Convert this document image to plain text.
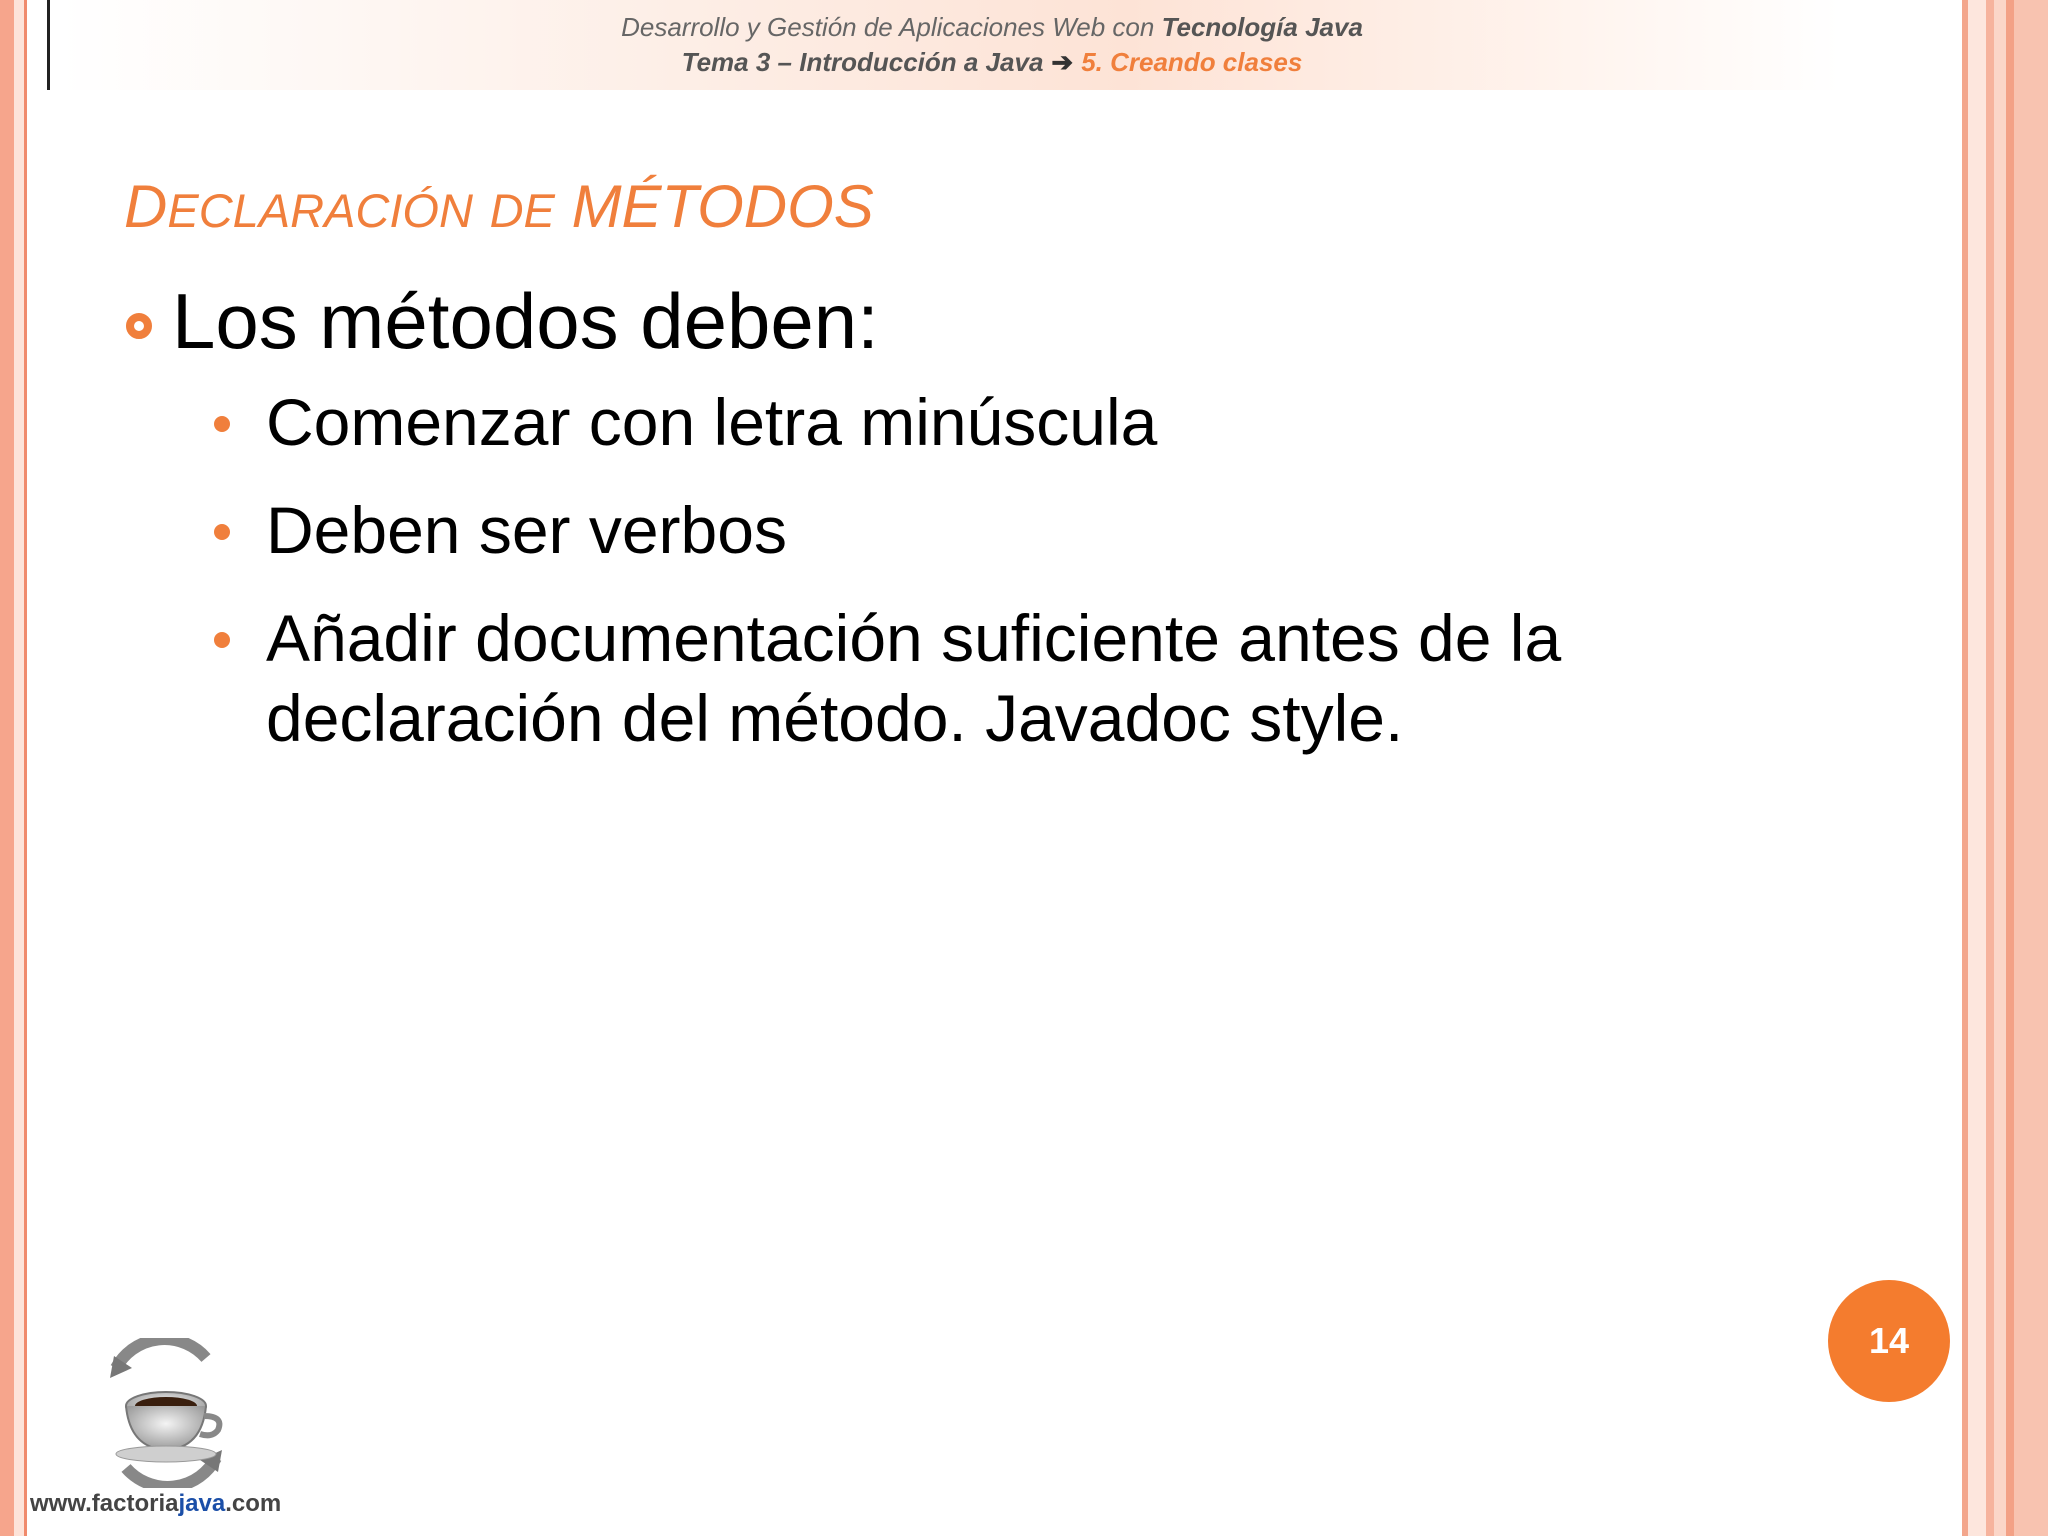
Desarrollo y Gestión de Aplicaciones Web con Tecnología Java
Tema 3 – Introducción a Java ➔ 5. Creando clases
DECLARACIÓN DE MÉTODOS
Los métodos deben:
Comenzar con letra minúscula
Deben ser verbos
Añadir documentación suficiente antes de la declaración del método. Javadoc style.
14
www.factoriajava.com
